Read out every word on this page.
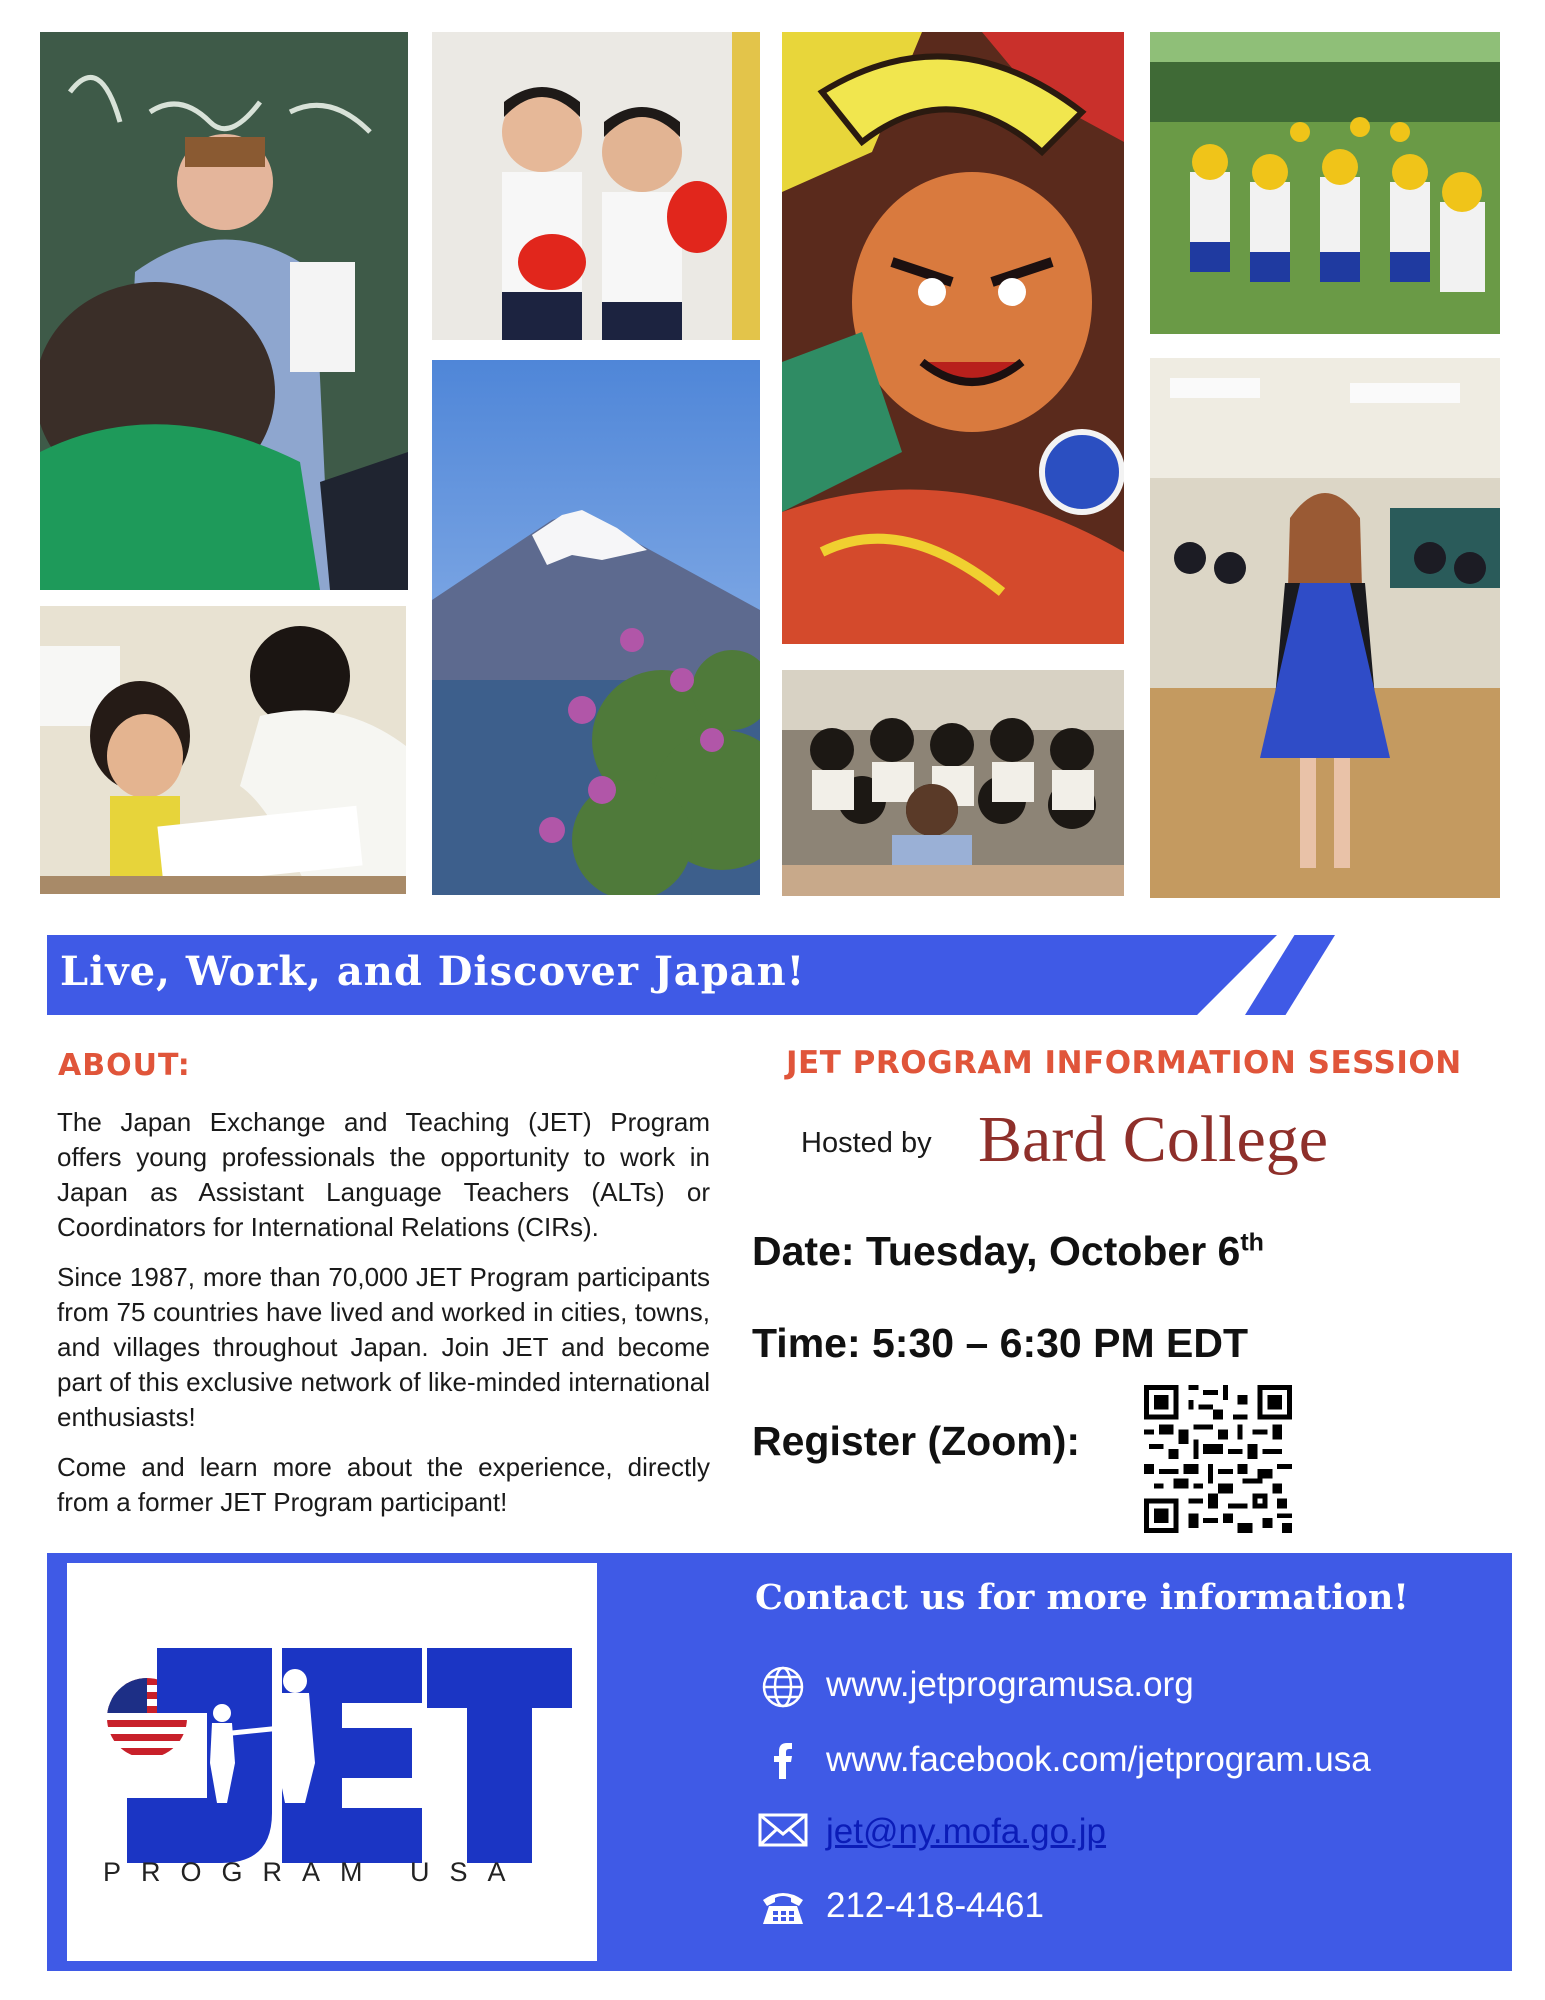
Live, Work, and Discover Japan!
ABOUT:

The Japan Exchange and Teaching (JET) Program offers young professionals the opportunity to work in Japan as Assistant Language Teachers (ALTs) or Coordinators for International Relations (CIRs).

Since 1987, more than 70,000 JET Program participants from 75 countries have lived and worked in cities, towns, and villages throughout Japan. Join JET and become part of this exclusive network of like-minded international enthusiasts!

Come and learn more about the experience, directly from a former JET Program participant!

JET PROGRAM INFORMATION SESSION
Hosted by Bard College
Date: Tuesday, October 6th
Time: 5:30 – 6:30 PM EDT
Register (Zoom):
PROGRAM USA
Contact us for more information!
www.jetprogramusa.org
www.facebook.com/jetprogram.usa
jet@ny.mofa.go.jp
212-418-4461
